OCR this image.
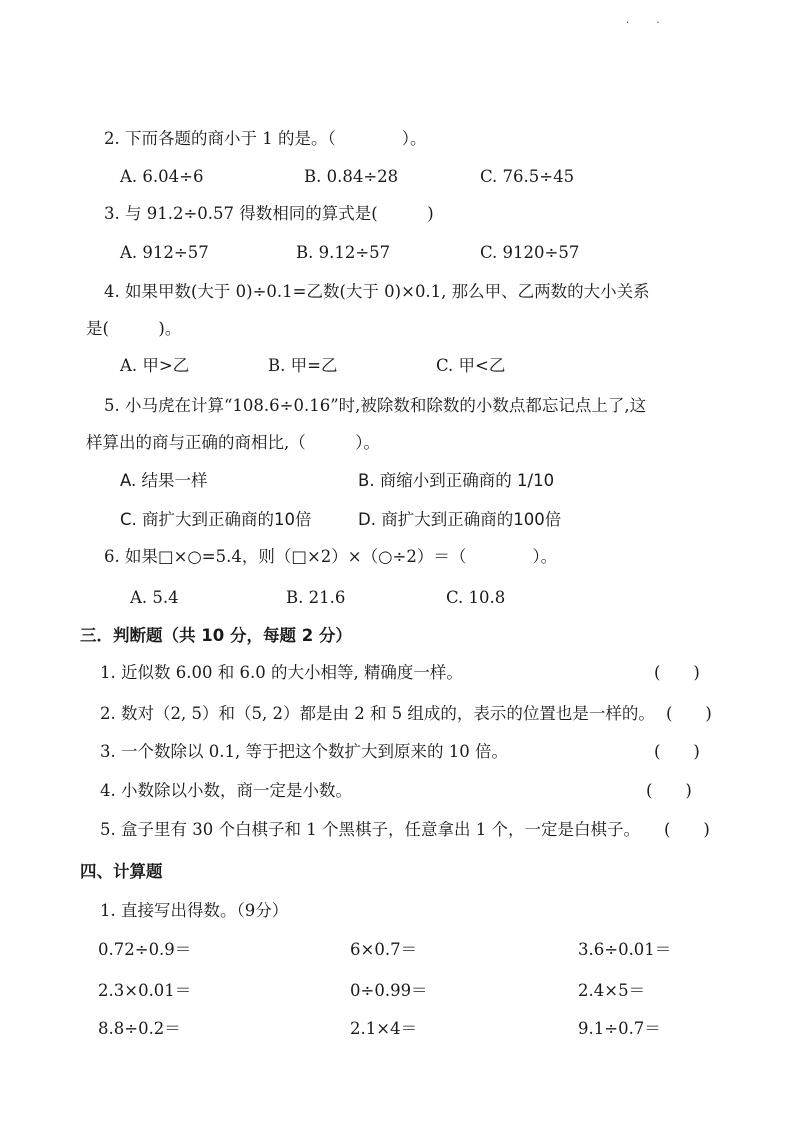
· ·
2. 下而各题的商小于 1 的是。（　　　　）。
A. 6.04÷6	B. 0.84÷28	C. 76.5÷45
3. 与 91.2÷0.57 得数相同的算式是(　　　)
A. 912÷57	B. 9.12÷57	C. 9120÷57
4. 如果甲数(大于 0)÷0.1=乙数(大于 0)×0.1, 那么甲、乙两数的大小关系
是(　　　)。
A. 甲>乙	B. 甲=乙	C. 甲<乙
5. 小马虎在计算“108.6÷0.16”时,被除数和除数的小数点都忘记点上了,这
样算出的商与正确的商相比,（　　　）。
A. 结果一样	B. 商缩小到正确商的 1/10
C. 商扩大到正确商的10倍	D. 商扩大到正确商的100倍
6. 如果□×○=5.4，则（□×2）×（○÷2）＝（　　　　）。
A. 5.4	B. 21.6	C. 10.8
三．判断题（共 10 分，每题 2 分）
1. 近似数 6.00 和 6.0 的大小相等, 精确度一样。	(　　)
2. 数对（2, 5）和（5, 2）都是由 2 和 5 组成的，表示的位置也是一样的。 (　　)
3. 一个数除以 0.1, 等于把这个数扩大到原来的 10 倍。	(　　)
4. 小数除以小数，商一定是小数。	(　　)
5. 盒子里有 30 个白棋子和 1 个黑棋子，任意拿出 1 个，一定是白棋子。 (　　)
四、计算题
1. 直接写出得数。（9分）
0.72÷0.9＝	6×0.7＝	3.6÷0.01＝
2.3×0.01＝	0÷0.99＝	2.4×5＝
8.8÷0.2＝	2.1×4＝	9.1÷0.7＝
